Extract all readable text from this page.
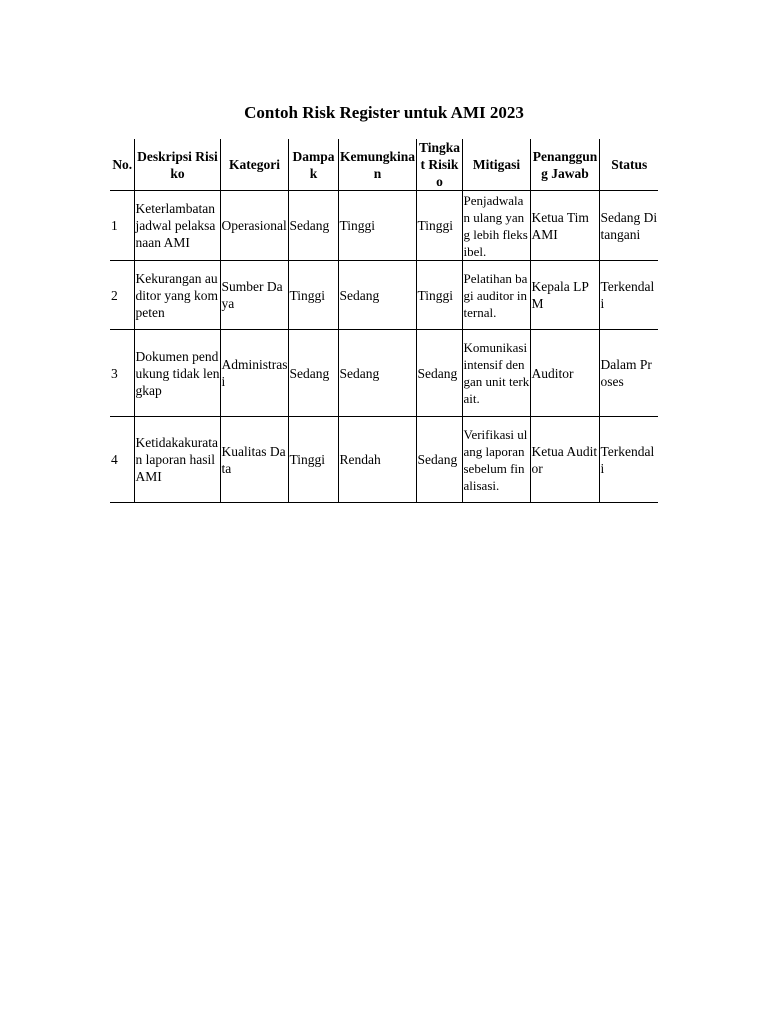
Contoh Risk Register untuk AMI 2023
No.	Deskripsi Risiko	Kategori	Dampak	Kemungkinan	Tingkat Risiko	Mitigasi	Penanggung Jawab	Status
1	Keterlambatan jadwal pelaksanaan AMI	Operasional	Sedang	Tinggi	Tinggi	Penjadwalan ulang yang lebih fleksibel.	Ketua Tim AMI	Sedang Ditangani
2	Kekurangan auditor yang kompeten	Sumber Daya	Tinggi	Sedang	Tinggi	Pelatihan bagi auditor internal.	Kepala LPM	Terkendali
3	Dokumen pendukung tidak lengkap	Administrasi	Sedang	Sedang	Sedang	Komunikasi intensif dengan unit terkait.	Auditor	Dalam Proses
4	Ketidakakuratan laporan hasil AMI	Kualitas Data	Tinggi	Rendah	Sedang	Verifikasi ulang laporan sebelum finalisasi.	Ketua Auditor	Terkendali
